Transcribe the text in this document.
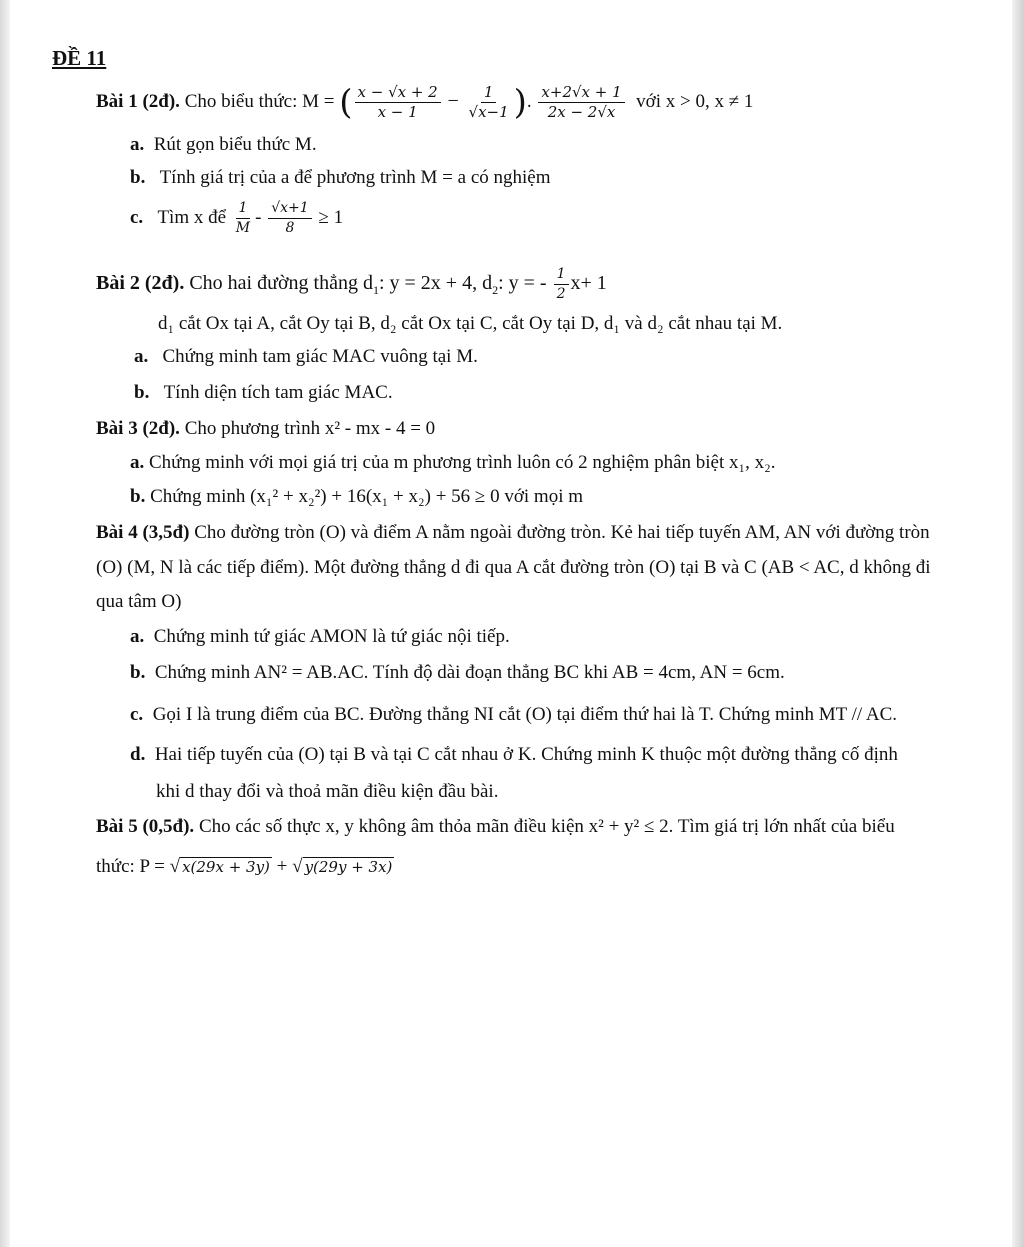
ĐỀ 11
Bài 1 (2đ). Cho biểu thức: M = ( $\frac{x - √x + 2}{x - 1} - \frac{1}{√x-1}$ ). $\frac{x+2√x + 1}{2x - 2√x}$ với x > 0, x ≠ 1
a. Rút gọn biểu thức M.
b. Tính giá trị của a để phương trình M = a có nghiệm
c. Tìm x để $\frac{1}{M} - \frac{√x+1}{8} \ge 1$
Bài 2 (2đ). Cho hai đường thẳng $d_1$: y = 2x + 4, $d_2$: y = - $\frac{1}{2} x+ 1$
d₁ cắt Ox tại A, cắt Oy tại B, d₂ cắt Ox tại C, cắt Oy tại D, d₁ và d₂ cắt nhau tại M.
a. Chứng minh tam giác MAC vuông tại M.
b. Tính diện tích tam giác MAC.
Bài 3 (2đ). Cho phương trình x² - mx - 4 = 0
a. Chứng minh với mọi giá trị của m phương trình luôn có 2 nghiệm phân biệt x₁, x₂.
b. Chứng minh (x₁² + x₂²) + 16(x₁ + x₂) + 56 ≥ 0 với mọi m
Bài 4 (3,5đ) Cho đường tròn (O) và điểm A nằm ngoài đường tròn. Kẻ hai tiếp tuyến AM, AN với đường tròn
(O) (M, N là các tiếp điểm). Một đường thẳng d đi qua A cắt đường tròn (O) tại B và C (AB < AC, d không đi
qua tâm O)
a. Chứng minh tứ giác AMON là tứ giác nội tiếp.
b. Chứng minh AN² = AB.AC. Tính độ dài đoạn thẳng BC khi AB = 4cm, AN = 6cm.
c. Gọi I là trung điểm của BC. Đường thẳng NI cắt (O) tại điểm thứ hai là T. Chứng minh MT // AC.
d. Hai tiếp tuyến của (O) tại B và tại C cắt nhau ở K. Chứng minh K thuộc một đường thẳng cố định
khi d thay đổi và thoả mãn điều kiện đầu bài.
Bài 5 (0,5đ). Cho các số thực x, y không âm thỏa mãn điều kiện x² + y² ≤ 2. Tìm giá trị lớn nhất của biểu
thức: P = √ x(29x + 3y) + √ y(29y + 3x)
